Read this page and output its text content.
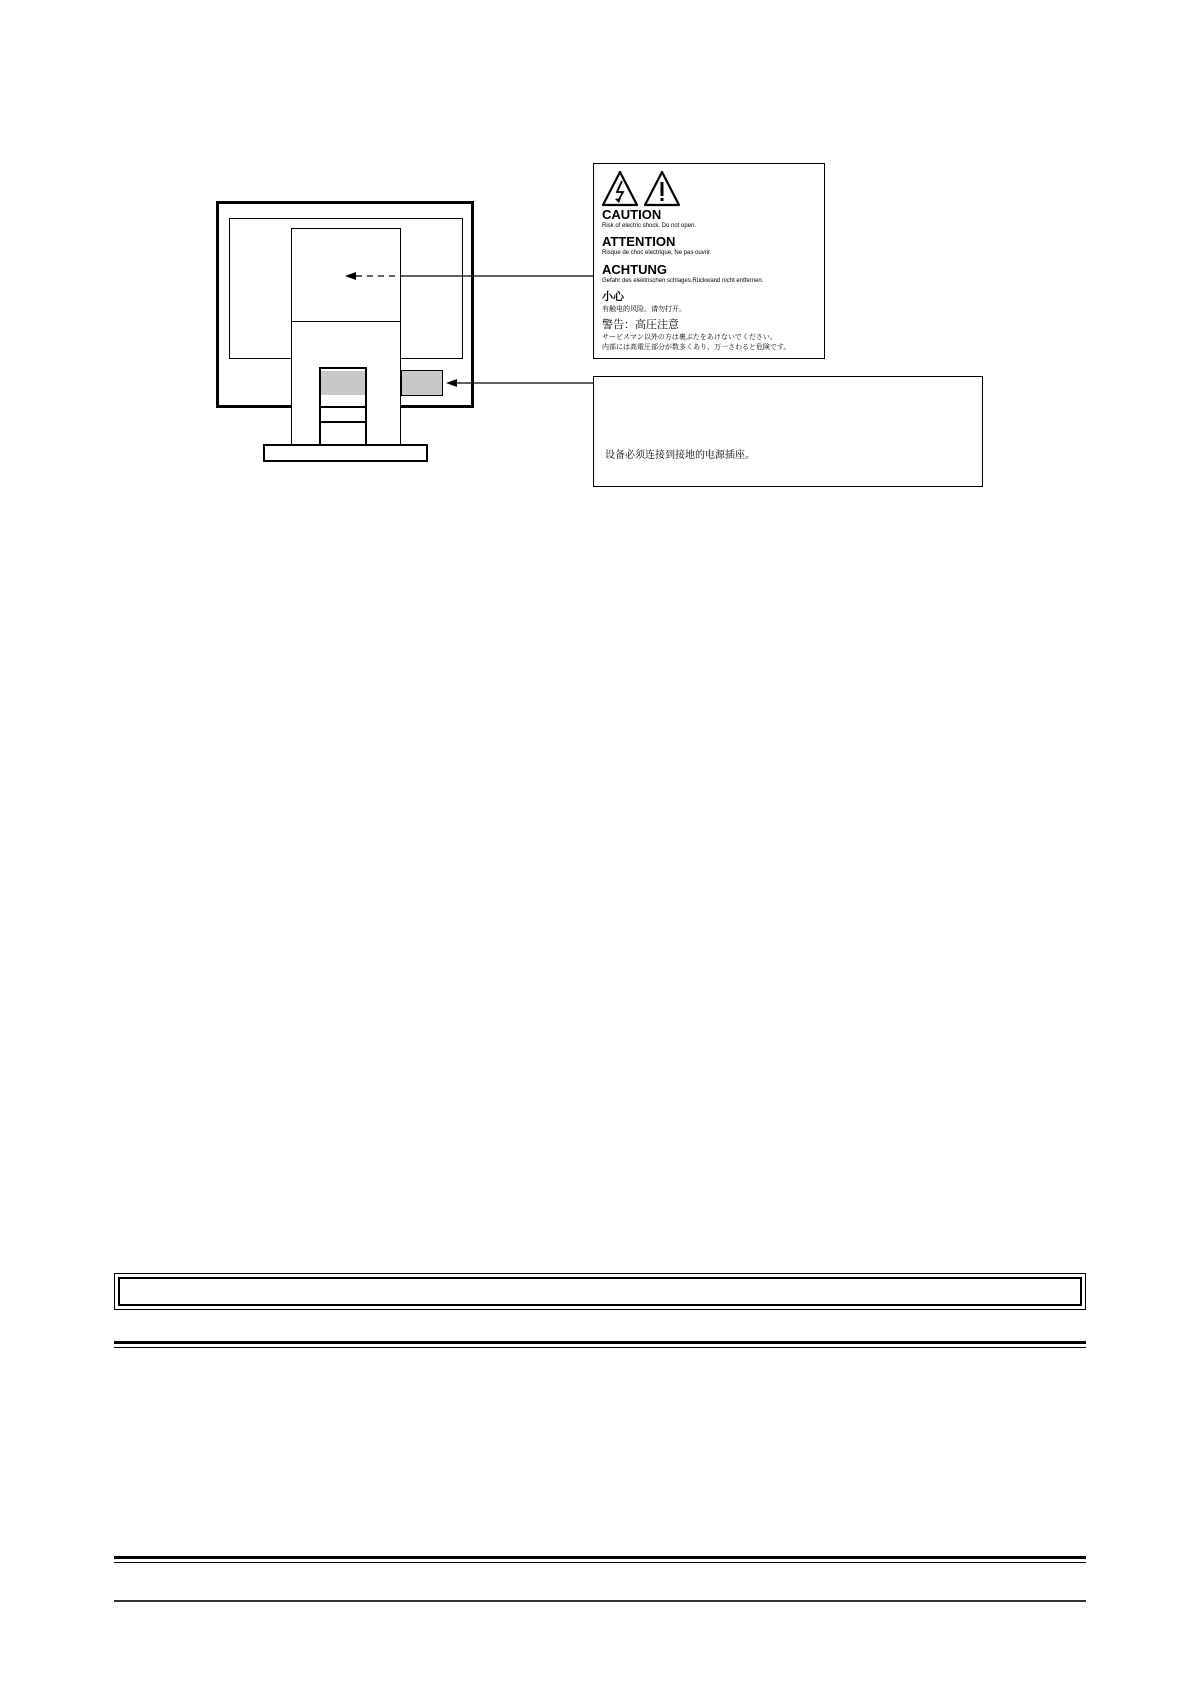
CAUTION
Risk of electric shock. Do not open.
ATTENTION
Risque de choc electrique, Ne pas ouvrir.
ACHTUNG
Gefahr des elektrischen schlages.Rückwand nicht entfernen.
小心
有触电的风险。请勿打开。
警告：高圧注意
サービスマン以外の方は裏ぶたをあけないでください。
内部には高電圧部分が数多くあり、万一さわると危険です。
设备必须连接到接地的电源插座。
